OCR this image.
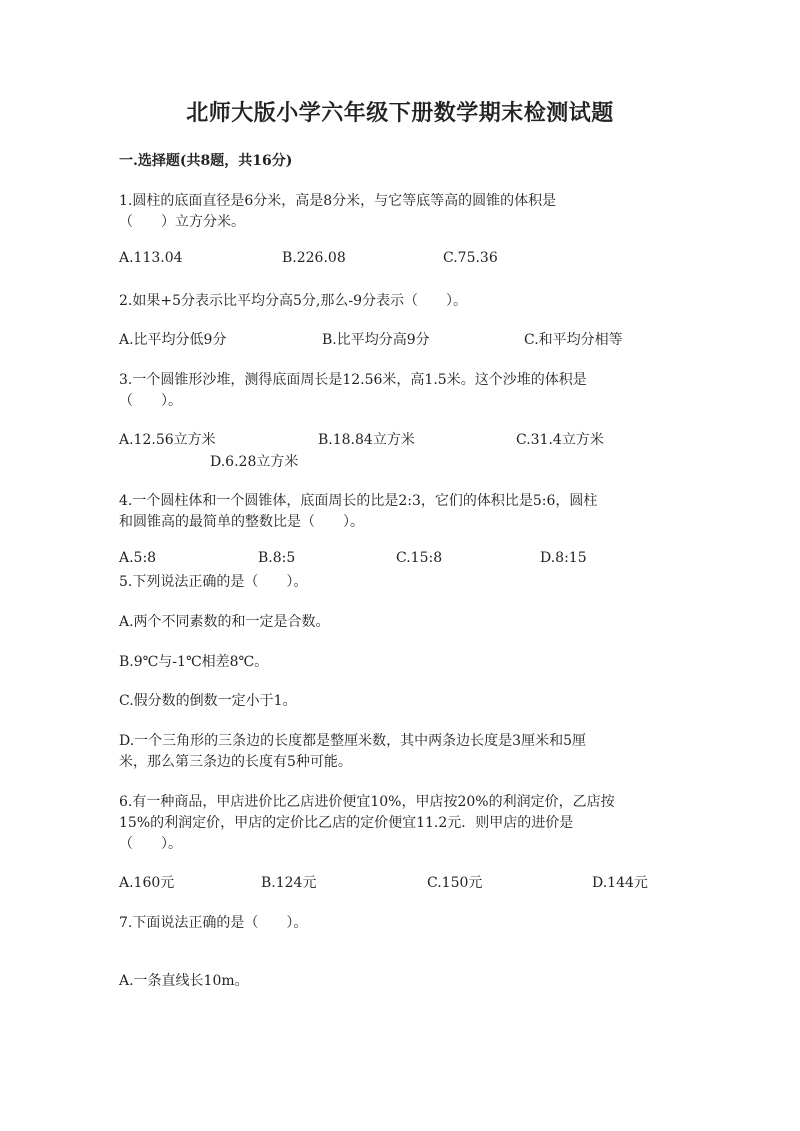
北师大版小学六年级下册数学期末检测试题
一.选择题(共8题，共16分)
1.圆柱的底面直径是6分米，高是8分米，与它等底等高的圆锥的体积是
（　　）立方分米。
A.113.04	B.226.08	C.75.36
2.如果+5分表示比平均分高5分,那么-9分表示（　　）。
A.比平均分低9分	B.比平均分高9分	C.和平均分相等
3.一个圆锥形沙堆，测得底面周长是12.56米，高1.5米。这个沙堆的体积是
（　　）。
A.12.56立方米	B.18.84立方米	C.31.4立方米
D.6.28立方米
4.一个圆柱体和一个圆锥体，底面周长的比是2:3，它们的体积比是5:6，圆柱
和圆锥高的最简单的整数比是（　　）。
A.5:8	B.8:5	C.15:8	D.8:15
5.下列说法正确的是（　　）。
A.两个不同素数的和一定是合数。
B.9℃与-1℃相差8℃。
C.假分数的倒数一定小于1。
D.一个三角形的三条边的长度都是整厘米数，其中两条边长度是3厘米和5厘
米，那么第三条边的长度有5种可能。
6.有一种商品，甲店进价比乙店进价便宜10%，甲店按20%的利润定价，乙店按
15%的利润定价，甲店的定价比乙店的定价便宜11.2元．则甲店的进价是
（　　）。
A.160元	B.124元	C.150元	D.144元
7.下面说法正确的是（　　）。
A.一条直线长10m。
